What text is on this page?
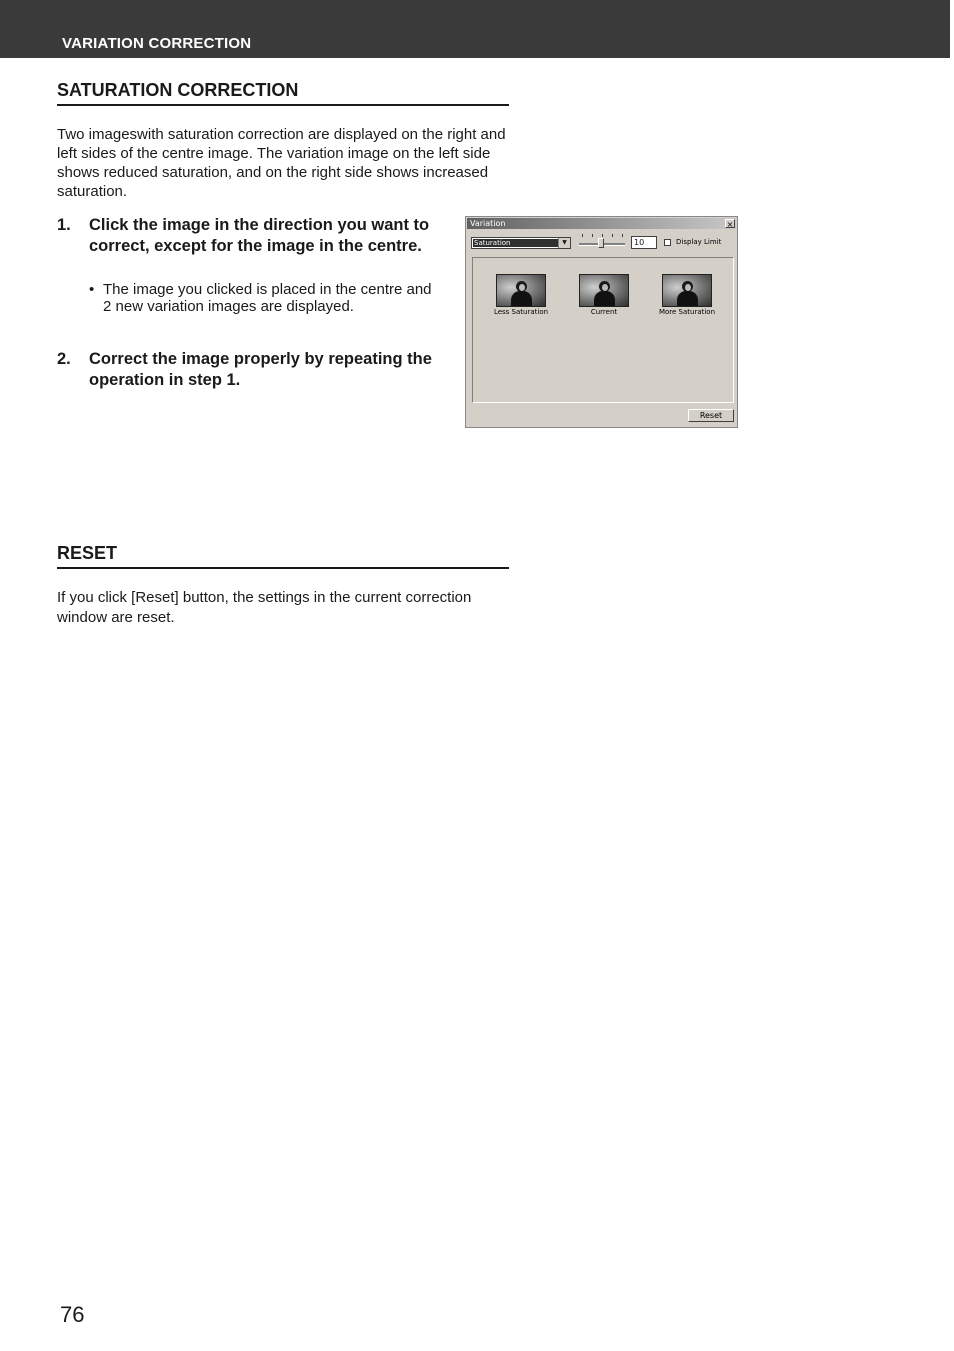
VARIATION CORRECTION
SATURATION CORRECTION
Two imageswith saturation correction are displayed on the right and left sides of the centre image. The variation image on the left side shows reduced saturation, and on the right side shows increased saturation.
1. Click the image in the direction you want to correct, except for the image in the centre.
• The image you clicked is placed in the centre and 2 new variation images are displayed.
2. Correct the image properly by repeating the operation in step 1.
Variation	×
Saturation	▼	10	Display Limit
Less Saturation	Current	More Saturation
Reset
RESET
If you click [Reset] button, the settings in the current correction window are reset.
76
